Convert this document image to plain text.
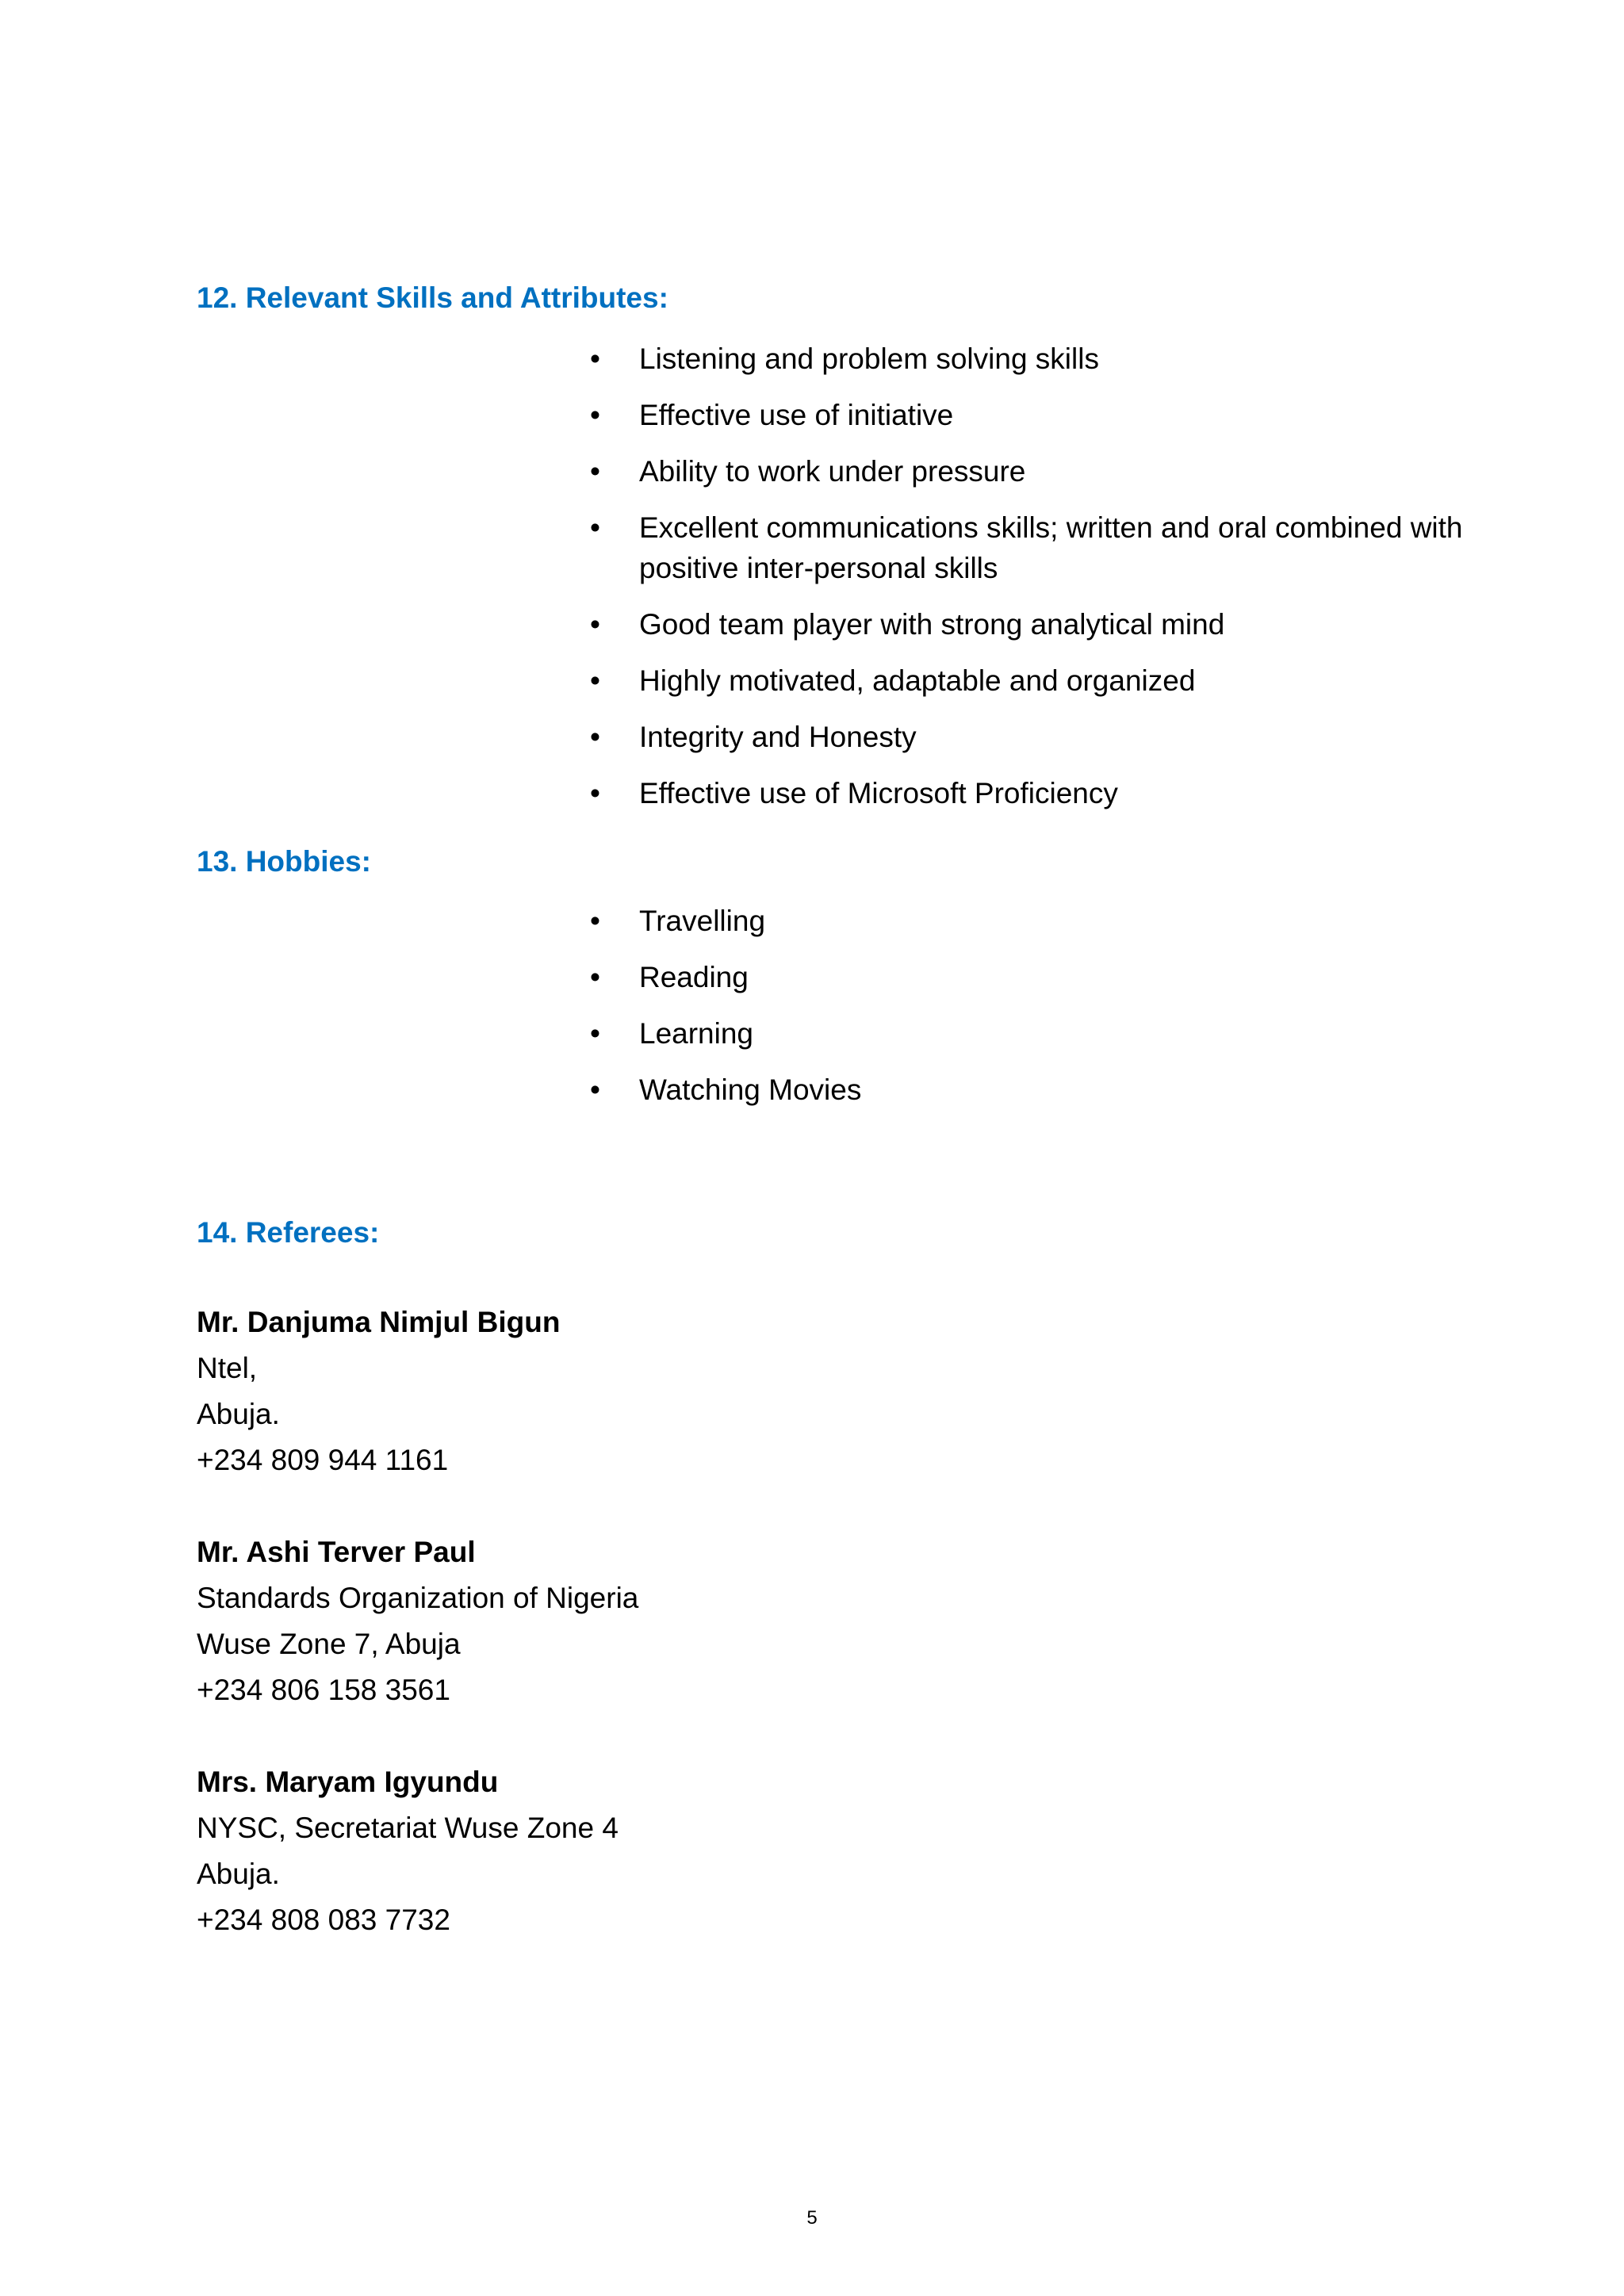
12. Relevant Skills and Attributes:
• Listening and problem solving skills
• Effective use of initiative
• Ability to work under pressure
• Excellent communications skills; written and oral combined with positive inter-personal skills
• Good team player with strong analytical mind
• Highly motivated, adaptable and organized
• Integrity and Honesty
• Effective use of Microsoft Proficiency
13. Hobbies:
• Travelling
• Reading
• Learning
• Watching Movies
14. Referees:
Mr. Danjuma Nimjul Bigun
Ntel,
Abuja.
+234 809 944 1161
Mr. Ashi Terver Paul
Standards Organization of Nigeria
Wuse Zone 7, Abuja
+234 806 158 3561
Mrs. Maryam Igyundu
NYSC, Secretariat Wuse Zone 4
Abuja.
+234 808 083 7732
5
